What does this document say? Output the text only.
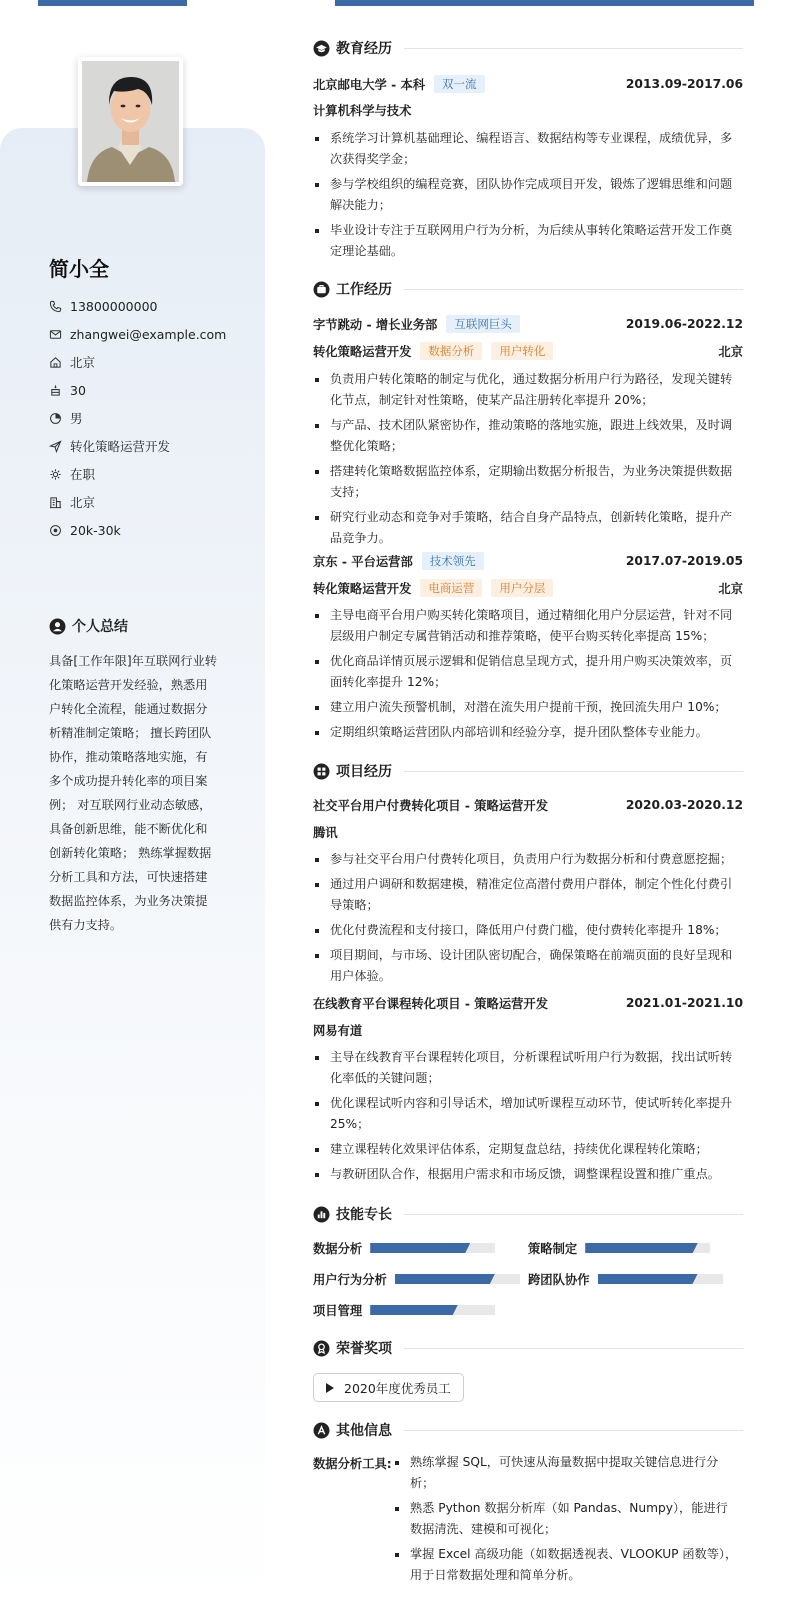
简小全
13800000000
zhangwei@example.com
北京
30
男
转化策略运营开发
在职
北京
20k-30k
个人总结
具备[工作年限]年互联网行业转化策略运营开发经验，熟悉用户转化全流程，能通过数据分析精准制定策略； 擅长跨团队协作，推动策略落地实施，有多个成功提升转化率的项目案例； 对互联网行业动态敏感，具备创新思维，能不断优化和创新转化策略； 熟练掌握数据分析工具和方法，可快速搭建数据监控体系，为业务决策提供有力支持。
教育经历
北京邮电大学 - 本科	双一流	2013.09-2017.06
计算机科学与技术
系统学习计算机基础理论、编程语言、数据结构等专业课程，成绩优异，多次获得奖学金；
参与学校组织的编程竞赛，团队协作完成项目开发，锻炼了逻辑思维和问题解决能力；
毕业设计专注于互联网用户行为分析，为后续从事转化策略运营开发工作奠定理论基础。
工作经历
字节跳动 - 增长业务部	互联网巨头	2019.06-2022.12
转化策略运营开发	数据分析	用户转化	北京
负责用户转化策略的制定与优化，通过数据分析用户行为路径，发现关键转化节点，制定针对性策略，使某产品注册转化率提升 20%；
与产品、技术团队紧密协作，推动策略的落地实施，跟进上线效果，及时调整优化策略；
搭建转化策略数据监控体系，定期输出数据分析报告，为业务决策提供数据支持；
研究行业动态和竞争对手策略，结合自身产品特点，创新转化策略，提升产品竞争力。
京东 - 平台运营部	技术领先	2017.07-2019.05
转化策略运营开发	电商运营	用户分层	北京
主导电商平台用户购买转化策略项目，通过精细化用户分层运营，针对不同层级用户制定专属营销活动和推荐策略，使平台购买转化率提高 15%；
优化商品详情页展示逻辑和促销信息呈现方式，提升用户购买决策效率，页面转化率提升 12%；
建立用户流失预警机制，对潜在流失用户提前干预，挽回流失用户 10%；
定期组织策略运营团队内部培训和经验分享，提升团队整体专业能力。
项目经历
社交平台用户付费转化项目 - 策略运营开发	2020.03-2020.12
腾讯
参与社交平台用户付费转化项目，负责用户行为数据分析和付费意愿挖掘；
通过用户调研和数据建模，精准定位高潜付费用户群体，制定个性化付费引导策略；
优化付费流程和支付接口，降低用户付费门槛，使付费转化率提升 18%；
项目期间，与市场、设计团队密切配合，确保策略在前端页面的良好呈现和用户体验。
在线教育平台课程转化项目 - 策略运营开发	2021.01-2021.10
网易有道
主导在线教育平台课程转化项目，分析课程试听用户行为数据，找出试听转化率低的关键问题；
优化课程试听内容和引导话术，增加试听课程互动环节，使试听转化率提升 25%；
建立课程转化效果评估体系，定期复盘总结，持续优化课程转化策略；
与教研团队合作，根据用户需求和市场反馈，调整课程设置和推广重点。
技能专长
数据分析	策略制定
用户行为分析	跨团队协作
项目管理
荣誉奖项
2020年度优秀员工
其他信息
数据分析工具:	熟练掌握 SQL，可快速从海量数据中提取关键信息进行分析；
熟悉 Python 数据分析库（如 Pandas、Numpy），能进行数据清洗、建模和可视化；
掌握 Excel 高级功能（如数据透视表、VLOOKUP 函数等），用于日常数据处理和简单分析。
